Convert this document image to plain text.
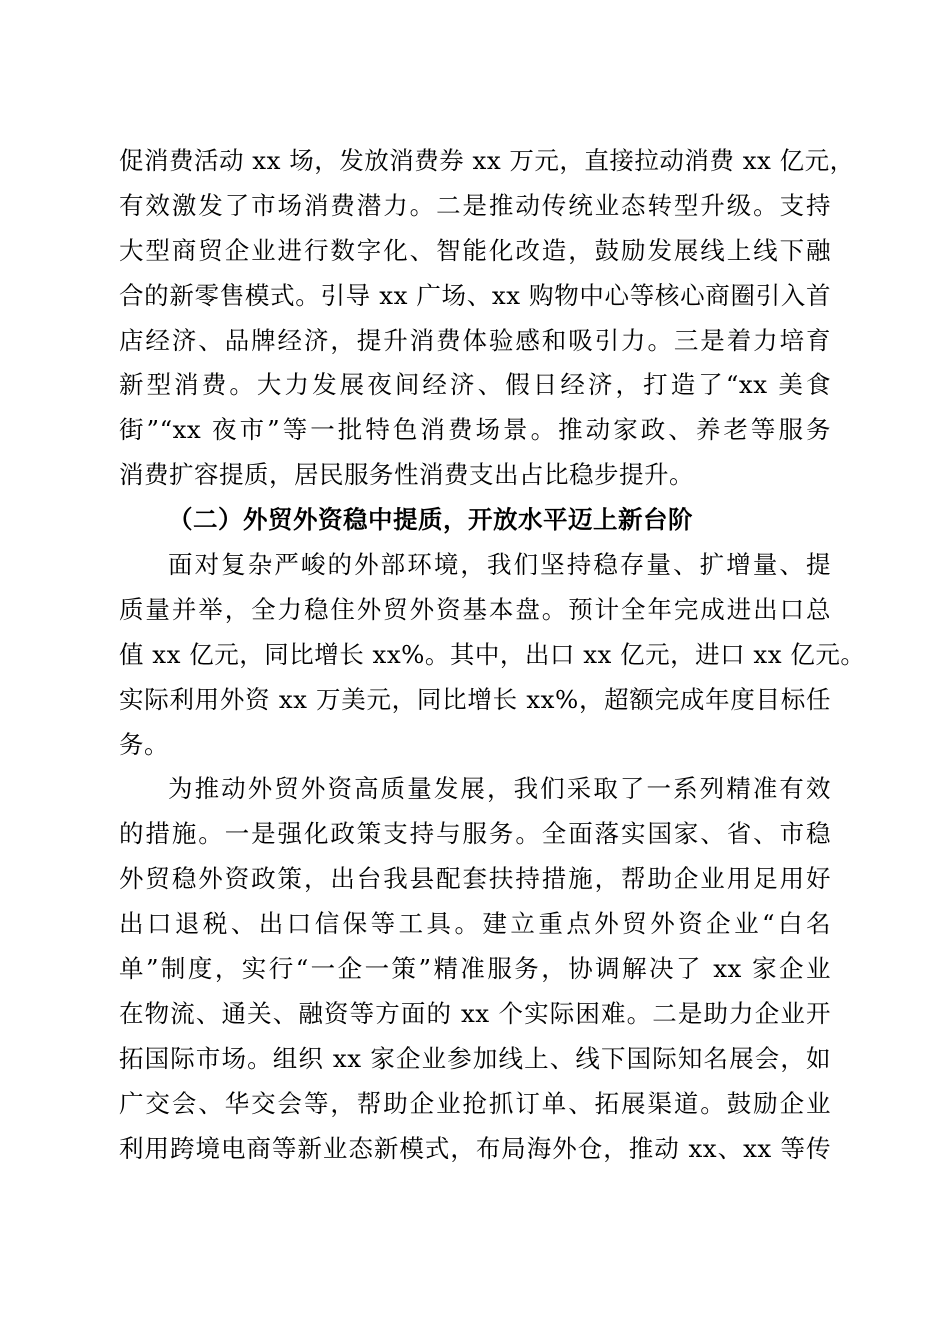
促消费活动 xx 场，发放消费券 xx 万元，直接拉动消费 xx 亿元，
有效激发了市场消费潜力。二是推动传统业态转型升级。支持
大型商贸企业进行数字化、智能化改造，鼓励发展线上线下融
合的新零售模式。引导 xx 广场、xx 购物中心等核心商圈引入首
店经济、品牌经济，提升消费体验感和吸引力。三是着力培育
新型消费。大力发展夜间经济、假日经济，打造了“xx 美食
街”“xx 夜市”等一批特色消费场景。推动家政、养老等服务
消费扩容提质，居民服务性消费支出占比稳步提升。
（二）外贸外资稳中提质，开放水平迈上新台阶
面对复杂严峻的外部环境，我们坚持稳存量、扩增量、提
质量并举，全力稳住外贸外资基本盘。预计全年完成进出口总
值 xx 亿元，同比增长 xx%。其中，出口 xx 亿元，进口 xx 亿元。
实际利用外资 xx 万美元，同比增长 xx%，超额完成年度目标任
务。
为推动外贸外资高质量发展，我们采取了一系列精准有效
的措施。一是强化政策支持与服务。全面落实国家、省、市稳
外贸稳外资政策，出台我县配套扶持措施，帮助企业用足用好
出口退税、出口信保等工具。建立重点外贸外资企业“白名
单”制度，实行“一企一策”精准服务，协调解决了 xx 家企业
在物流、通关、融资等方面的 xx 个实际困难。二是助力企业开
拓国际市场。组织 xx 家企业参加线上、线下国际知名展会，如
广交会、华交会等，帮助企业抢抓订单、拓展渠道。鼓励企业
利用跨境电商等新业态新模式，布局海外仓，推动 xx、xx 等传
